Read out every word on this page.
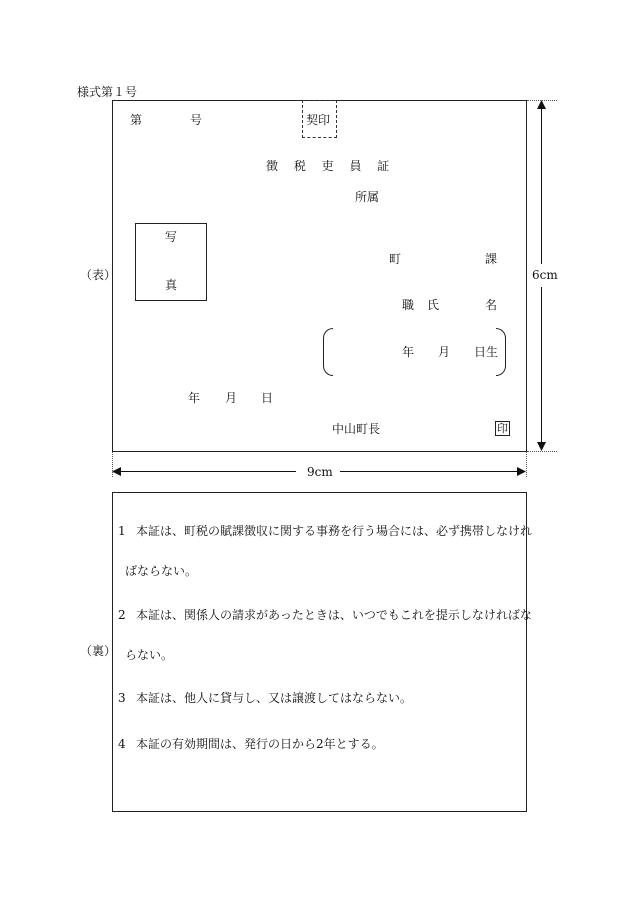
様式第１号
（表）
第	号	契印
徴 税 吏 員 証
所属
写
真
町	課
職 氏	名
年 月 日生
年 月 日
中山町長	印
6cm
9cm
（裏）
1 本証は、町税の賦課徴収に関する事務を行う場合には、必ず携帯しなけれ
ばならない。
2 本証は、関係人の請求があったときは、いつでもこれを提示しなければな
らない。
3 本証は、他人に貸与し、又は譲渡してはならない。
4 本証の有効期間は、発行の日から2年とする。
